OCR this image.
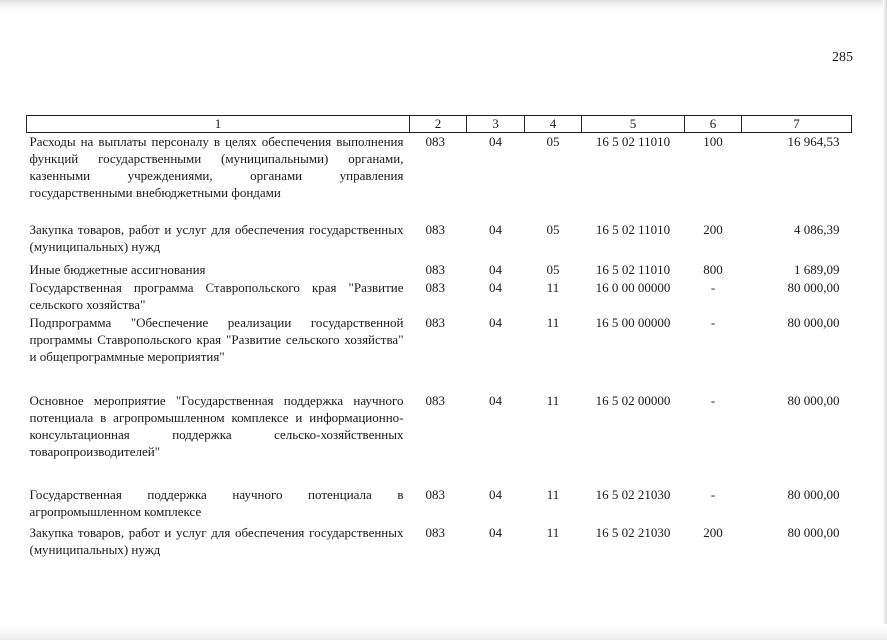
285
1	2	3	4	5	6	7
Расходы на выплаты персоналу в целях обеспечения выполнения функций государственными (муниципальными) органами, казенными учреждениями, органами управления государственными внебюджетными фондами	083	04	05	16 5 02 11010	100	16 964,53
Закупка товаров, работ и услуг для обеспечения государственных (муниципальных) нужд	083	04	05	16 5 02 11010	200	4 086,39
Иные бюджетные ассигнования	083	04	05	16 5 02 11010	800	1 689,09
Государственная программа Ставропольского края "Развитие сельского хозяйства"	083	04	11	16 0 00 00000	-	80 000,00
Подпрограмма "Обеспечение реализации государственной программы Ставропольского края "Развитие сельского хозяйства" и общепрограммные мероприятия"	083	04	11	16 5 00 00000	-	80 000,00
Основное мероприятие "Государственная поддержка научного потенциала в агропромышленном комплексе и информационно-консультационная поддержка сельско-хозяйственных товаропроизводителей"	083	04	11	16 5 02 00000	-	80 000,00
Государственная поддержка научного потенциала в агропромышленном комплексе	083	04	11	16 5 02 21030	-	80 000,00
Закупка товаров, работ и услуг для обеспечения государственных (муниципальных) нужд	083	04	11	16 5 02 21030	200	80 000,00
